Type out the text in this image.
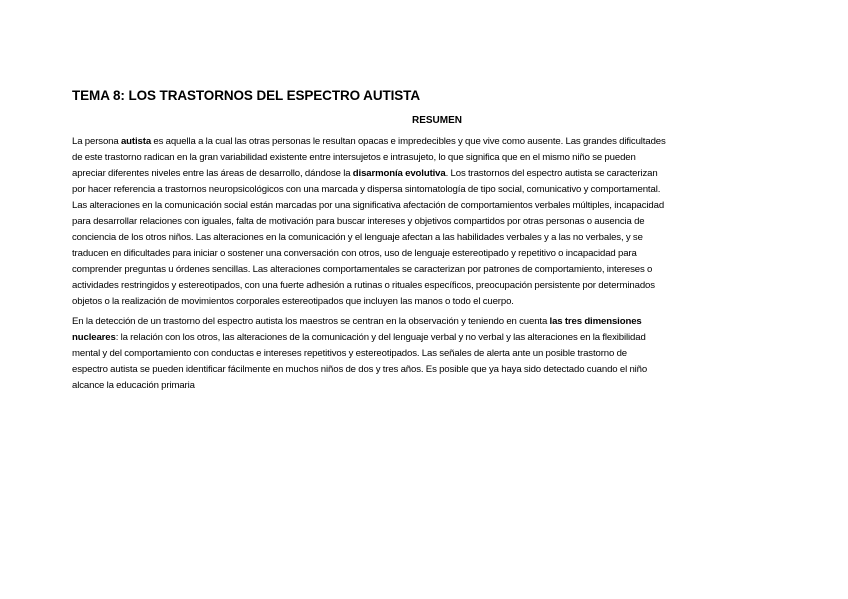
TEMA 8: LOS TRASTORNOS DEL ESPECTRO AUTISTA
RESUMEN

La persona autista es aquella a la cual las otras personas le resultan opacas e impredecibles y que vive como ausente. Las grandes dificultades
de este trastorno radican en la gran variabilidad existente entre intersujetos e intrasujeto, lo que significa que en el mismo niño se pueden
apreciar diferentes niveles entre las áreas de desarrollo, dándose la disarmonía evolutiva. Los trastornos del espectro autista se caracterizan
por hacer referencia a trastornos neuropsicológicos con una marcada y dispersa sintomatología de tipo social, comunicativo y comportamental.
Las alteraciones en la comunicación social están marcadas por una significativa afectación de comportamientos verbales múltiples, incapacidad
para desarrollar relaciones con iguales, falta de motivación para buscar intereses y objetivos compartidos por otras personas o ausencia de
conciencia de los otros niños. Las alteraciones en la comunicación y el lenguaje afectan a las habilidades verbales y a las no verbales, y se
traducen en dificultades para iniciar o sostener una conversación con otros, uso de lenguaje estereotipado y repetitivo o incapacidad para
comprender preguntas u órdenes sencillas. Las alteraciones comportamentales se caracterizan por patrones de comportamiento, intereses o
actividades restringidos y estereotipados, con una fuerte adhesión a rutinas o rituales específicos, preocupación persistente por determinados
objetos o la realización de movimientos corporales estereotipados que incluyen las manos o todo el cuerpo.

En la detección de un trastorno del espectro autista los maestros se centran en la observación y teniendo en cuenta las tres dimensiones
nucleares: la relación con los otros, las alteraciones de la comunicación y del lenguaje verbal y no verbal y las alteraciones en la flexibilidad
mental y del comportamiento con conductas e intereses repetitivos y estereotipados. Las señales de alerta ante un posible trastorno de
espectro autista se pueden identificar fácilmente en muchos niños de dos y tres años. Es posible que ya haya sido detectado cuando el niño
alcance la educación primaria
